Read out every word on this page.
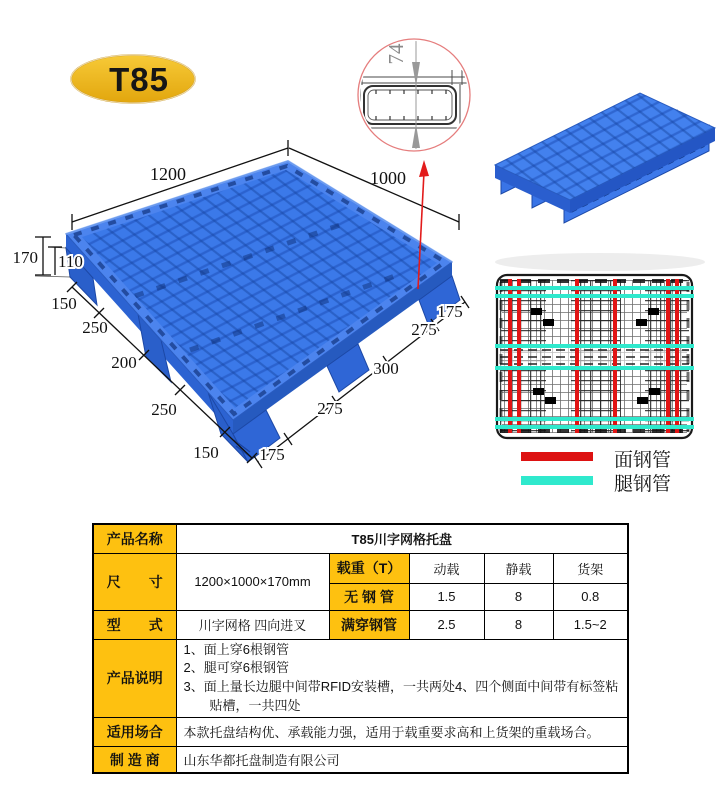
T85
1200	1000
170 110
150
250
200
250
150 175
275
300
275
175
74
面钢管
腿钢管
产品名称	T85川字网格托盘				
尺　　寸	1200×1000×170mm	载重（T）	动载	静载	货架
		无 钢 管	1.5	8	0.8
型　　式	川字网格 四向进叉	满穿钢管	2.5	8	1.5~2
产品说明	1、面上穿6根钢管
2、腿可穿6根钢管
3、面上量长边腿中间带RFID安装槽，一共两处4、四个侧面中间带有标签粘贴槽，一共四处				

适用场合	本款托盘结构优、承载能力强，适用于载重要求高和上货架的重载场合。				
制 造 商	山东华都托盘制造有限公司				
